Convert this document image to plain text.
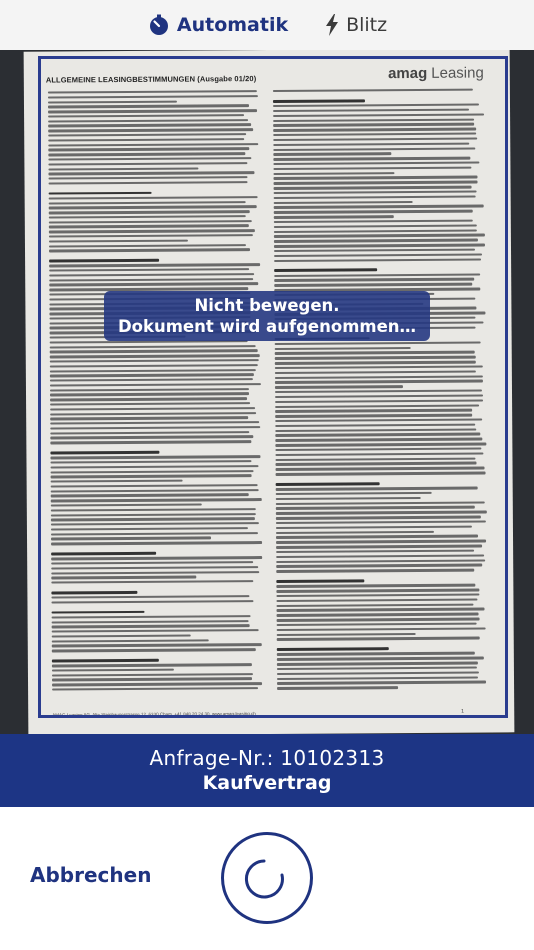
Automatik	Blitz
ALLGEMEINE LEASINGBESTIMMUNGEN (Ausgabe 01/20)	amag Leasing
AMAG Leasing AG, Alte Steinhauserstrasse 12, 6330 Cham, +41 848 20 24 30, www.amag-leasing.ch	1
Nicht bewegen.
Dokument wird aufgenommen…
Anfrage-Nr.: 10102313
Kaufvertrag
Abbrechen
